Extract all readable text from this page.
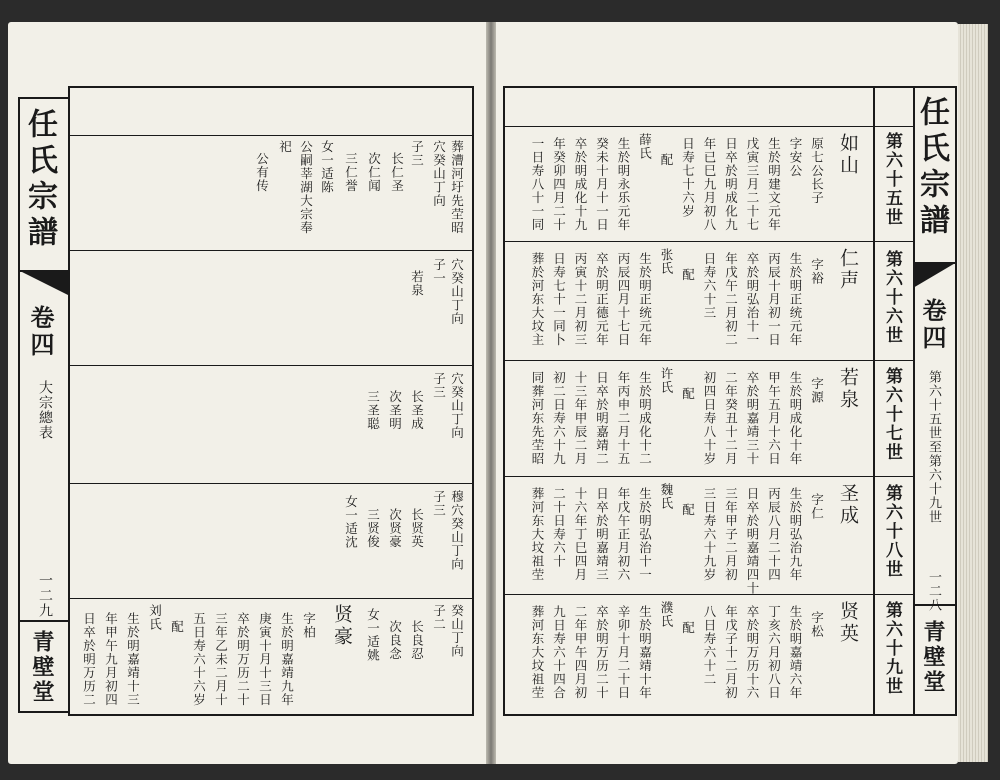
任氏宗譜
卷四
大宗總表
一二九
青壁堂
葬漕河圩先茔昭
穴癸山丁向
子三
长仁圣
次仁闻
三仁誉
女一适陈
公嗣莘湖大宗奉
祀
公有传
穴癸山丁向
子一
若泉
穴癸山丁向
子三
长圣成
次圣明
三圣聪
穆穴癸山丁向
子三
长贤英
次贤豪
三贤俊
女一适沈
癸山丁向
子二
长良忍
次良念
女一适姚
贤豪
字柏
生於明嘉靖九年
庚寅十月十三日
卒於明万历二十
三年乙未二月十
五日寿六十六岁
配
刘氏
生於明嘉靖十三
年甲午九月初四
日卒於明万历二
任氏宗譜
卷四
第六十五世至第六十九世
一二八
青壁堂
第六十五世
第六十六世
第六十七世
第六十八世
第六十九世
如山
原七公长子
字安公
生於明建文元年
戊寅三月二十七
日卒於明成化九
年已巳九月初八
日寿七十六岁
配
薛氏
生於明永乐元年
癸未十月十一日
卒於明成化十九
年癸卯四月二十
一日寿八十一同
仁声
字裕
生於明正统元年
丙辰十月初一日
卒於明弘治十一
年戊午二月初二
日寿六十三
配
张氏
生於明正统元年
丙辰四月十七日
卒於明正德元年
丙寅十二月初三
日寿七十一同卜
葬於河东大坟主
若泉
字源
生於明成化十年
甲午五月十六日
卒於明嘉靖三十
二年癸丑十二月
初四日寿八十岁
配
许氏
生於明成化十二
年丙申二月十五
日卒於明嘉靖二
十三年甲辰二月
初二日寿六十九
同葬河东先茔昭
圣成
字仁
生於明弘治九年
丙辰八月二十四
日卒於明嘉靖四十
三年甲子二月初
三日寿六十九岁
配
魏氏
生於明弘治十一
年戊午正月初六
日卒於明嘉靖三
十六年丁巳四月
二十日寿六十
葬河东大坟祖茔
贤英
字松
生於明嘉靖六年
丁亥六月初八日
卒於明万历十六
年戊子十二月初
八日寿六十二
配
濮氏
生於明嘉靖十年
辛卯十月二十日
卒於明万历二十
二年甲午四月初
九日寿六十四合
葬河东大坟祖茔
